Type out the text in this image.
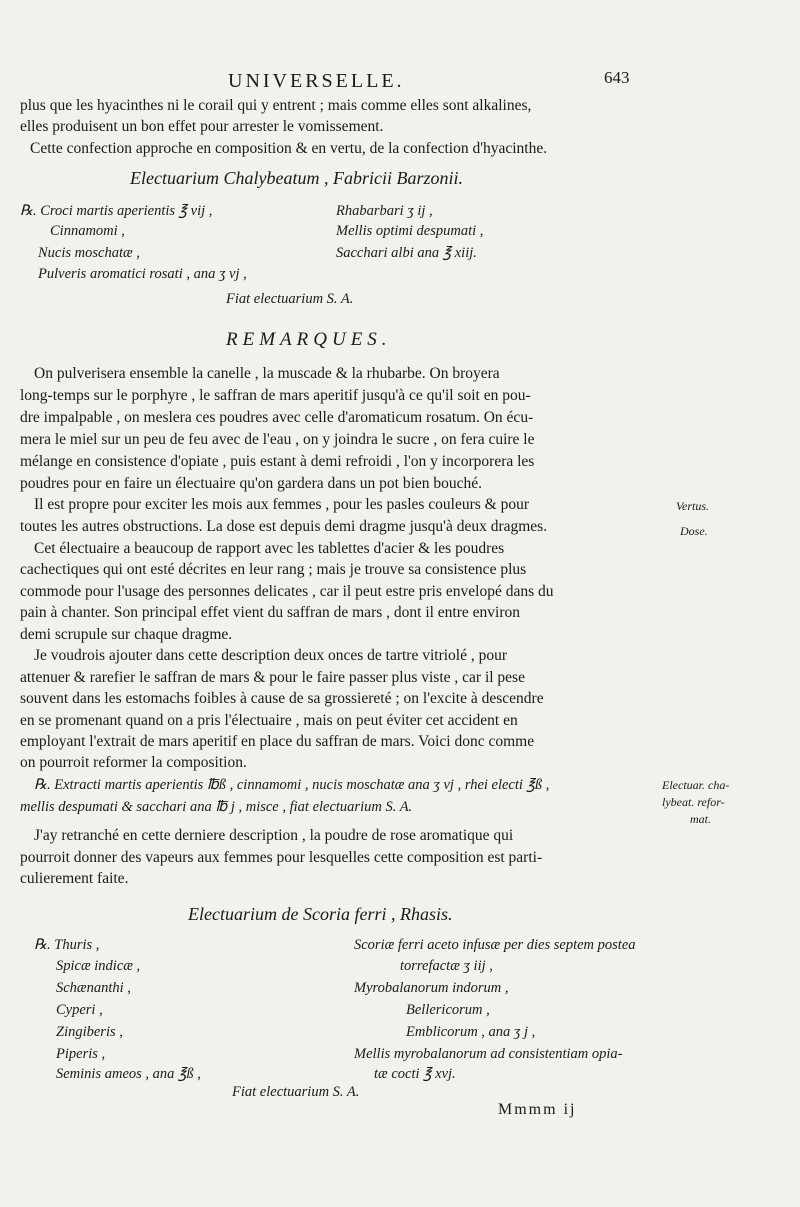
UNIVERSELLE.	643
plus que les hyacinthes ni le corail qui y entrent ; mais comme elles sont alkalines,
elles produisent un bon effet pour arrester le vomissement.
Cette confection approche en composition & en vertu, de la confection d'hyacinthe.
Electuarium Chalybeatum , Fabricii Barzonii.
℞. Croci martis aperientis ℥ vij ,
Cinnamomi ,
Nucis moschatæ ,
Pulveris aromatici rosati , ana ʒ vj ,
Rhabarbari ʒ ij ,
Mellis optimi despumati ,
Sacchari albi ana ℥ xiij.
Fiat electuarium S. A.
REMARQUES.
On pulverisera ensemble la canelle , la muscade & la rhubarbe. On broyera
long-temps sur le porphyre , le saffran de mars aperitif jusqu'à ce qu'il soit en pou-
dre impalpable , on meslera ces poudres avec celle d'aromaticum rosatum. On écu-
mera le miel sur un peu de feu avec de l'eau , on y joindra le sucre , on fera cuire le
mélange en consistence d'opiate , puis estant à demi refroidi , l'on y incorporera les
poudres pour en faire un électuaire qu'on gardera dans un pot bien bouché.
Il est propre pour exciter les mois aux femmes , pour les pasles couleurs & pour
toutes les autres obstructions. La dose est depuis demi dragme jusqu'à deux dragmes.
Cet électuaire a beaucoup de rapport avec les tablettes d'acier & les poudres
cachectiques qui ont esté décrites en leur rang ; mais je trouve sa consistence plus
commode pour l'usage des personnes delicates , car il peut estre pris envelopé dans du
pain à chanter. Son principal effet vient du saffran de mars , dont il entre environ
demi scrupule sur chaque dragme.
Je voudrois ajouter dans cette description deux onces de tartre vitriolé , pour
attenuer & rarefier le saffran de mars & pour le faire passer plus viste , car il pese
souvent dans les estomachs foibles à cause de sa grossiereté ; on l'excite à descendre
en se promenant quand on a pris l'électuaire , mais on peut éviter cet accident en
employant l'extrait de mars aperitif en place du saffran de mars. Voici donc comme
on pourroit reformer la composition.
℞. Extracti martis aperientis ℔ß , cinnamomi , nucis moschatæ ana ʒ vj , rhei electi ℥ß ,
mellis despumati & sacchari ana ℔ j , misce , fiat electuarium S. A.
J'ay retranché en cette derniere description , la poudre de rose aromatique qui
pourroit donner des vapeurs aux femmes pour lesquelles cette composition est parti-
culierement faite.
Electuarium de Scoria ferri , Rhasis.
℞. Thuris ,
Spicæ indicæ ,
Schænanthi ,
Cyperi ,
Zingiberis ,
Piperis ,
Seminis ameos , ana ℥ß ,
Scoriæ ferri aceto infusæ per dies septem postea
torrefactæ ʒ iij ,
Myrobalanorum indorum ,
Bellericorum ,
Emblicorum , ana ʒ j ,
Mellis myrobalanorum ad consistentiam opia-
tæ cocti ℥ xvj.
Fiat electuarium S. A.
Vertus.
Dose.
Electuar. cha-
lybeat. refor-
mat.
Mmmm ij
